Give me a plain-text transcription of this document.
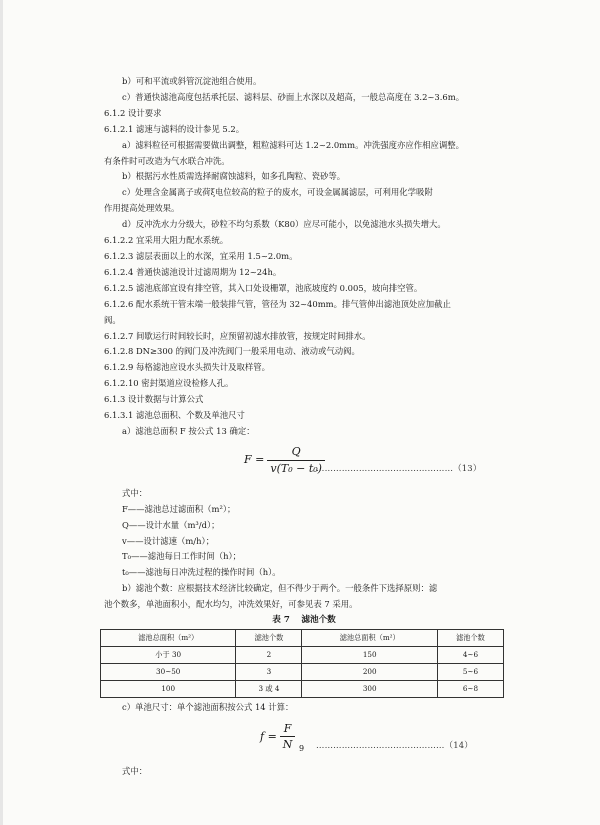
b）可和平流或斜管沉淀池组合使用。

c）普通快滤池高度包括承托层、滤料层、砂面上水深以及超高，一般总高度在 3.2~3.6m。

6.1.2 设计要求

6.1.2.1 滤速与滤料的设计参见 5.2。

a）滤料粒径可根据需要做出调整，粗粒滤料可达 1.2~2.0mm。冲洗强度亦应作相应调整。

有条件时可改造为气水联合冲洗。

b）根据污水性质需选择耐腐蚀滤料，如多孔陶粒、瓷砂等。

c）处理含金属离子或荷ξ电位较高的粒子的废水，可设金属属滤层，可利用化学吸附

作用提高处理效果。

d）反冲洗水力分级大，砂粒不均匀系数（K80）应尽可能小，以免滤池水头损失增大。

6.1.2.2 宜采用大阻力配水系统。

6.1.2.3 滤层表面以上的水深，宜采用 1.5~2.0m。

6.1.2.4 普通快滤池设计过滤周期为 12~24h。

6.1.2.5 滤池底部宜设有排空管，其入口处设栅罩，池底坡度约 0.005，坡向排空管。

6.1.2.6 配水系统干管末端一般装排气管，管径为 32~40mm。排气管伸出滤池顶处应加截止

阀。

6.1.2.7 间歇运行时间较长时，应预留初滤水排放管，按规定时间排水。

6.1.2.8 DN≥300 的阀门及冲洗阀门一般采用电动、液动或气动阀。

6.1.2.9 每格滤池应设水头损失计及取样管。

6.1.2.10 密封渠道应设检修人孔。

6.1.3 设计数据与计算公式

6.1.3.1 滤池总面积、个数及单池尺寸

a）滤池总面积 F 按公式 13 确定：

$F = \frac{Q}{\text{v(T₀ − t₀)}}$
…………………………………………（13）

式中：

F——滤池总过滤面积（m²）；

Q——设计水量（m³/d）；

v——设计滤速（m/h）；

T₀——滤池每日工作时间（h）；

t₀——滤池每日冲洗过程的操作时间（h）。

b）滤池个数：应根据技术经济比较确定，但不得少于两个。一般条件下选择原则：滤

池个数多，单池面积小，配水均匀，冲洗效果好，可参见表 7 采用。

表 7　 滤池个数

滤池总面积（m²）	滤池个数	滤池总面积（m²）	滤池个数
小于 30	2	150	4~6
30~50	3	200	5~6
100	3 或 4	300	6~8

c）单池尺寸：单个滤池面积按公式 14 计算：

$f = \frac{F}{N}$ ………………………………………（14）

式中：

9
